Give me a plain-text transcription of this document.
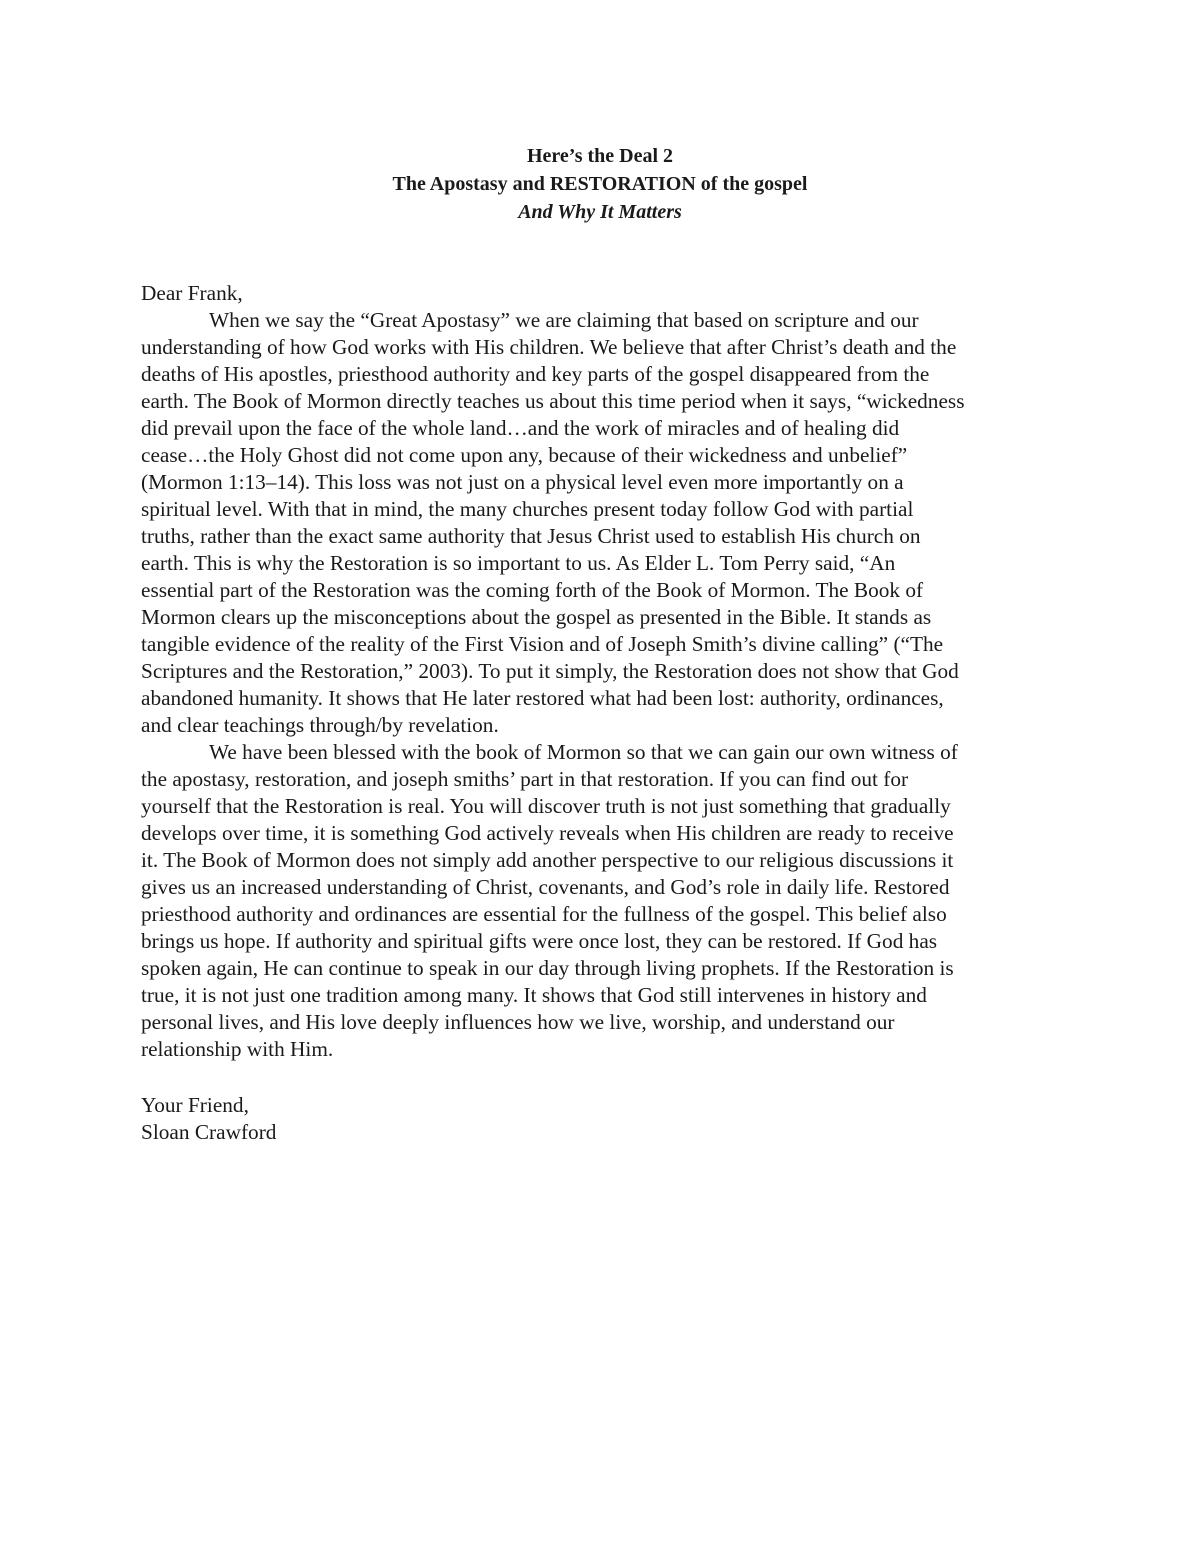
Here’s the Deal 2
The Apostasy and RESTORATION of the gospel
And Why It Matters

Dear Frank,

When we say the “Great Apostasy” we are claiming that based on scripture and our
understanding of how God works with His children. We believe that after Christ’s death and the
deaths of His apostles, priesthood authority and key parts of the gospel disappeared from the
earth. The Book of Mormon directly teaches us about this time period when it says, “wickedness
did prevail upon the face of the whole land…and the work of miracles and of healing did
cease…the Holy Ghost did not come upon any, because of their wickedness and unbelief”
(Mormon 1:13–14). This loss was not just on a physical level even more importantly on a
spiritual level. With that in mind, the many churches present today follow God with partial
truths, rather than the exact same authority that Jesus Christ used to establish His church on
earth. This is why the Restoration is so important to us. As Elder L. Tom Perry said, “An
essential part of the Restoration was the coming forth of the Book of Mormon. The Book of
Mormon clears up the misconceptions about the gospel as presented in the Bible. It stands as
tangible evidence of the reality of the First Vision and of Joseph Smith’s divine calling” (“The
Scriptures and the Restoration,” 2003). To put it simply, the Restoration does not show that God
abandoned humanity. It shows that He later restored what had been lost: authority, ordinances,
and clear teachings through/by revelation.

We have been blessed with the book of Mormon so that we can gain our own witness of
the apostasy, restoration, and joseph smiths’ part in that restoration. If you can find out for
yourself that the Restoration is real. You will discover truth is not just something that gradually
develops over time, it is something God actively reveals when His children are ready to receive
it. The Book of Mormon does not simply add another perspective to our religious discussions it
gives us an increased understanding of Christ, covenants, and God’s role in daily life. Restored
priesthood authority and ordinances are essential for the fullness of the gospel. This belief also
brings us hope. If authority and spiritual gifts were once lost, they can be restored. If God has
spoken again, He can continue to speak in our day through living prophets. If the Restoration is
true, it is not just one tradition among many. It shows that God still intervenes in history and
personal lives, and His love deeply influences how we live, worship, and understand our
relationship with Him.

Your Friend,
Sloan Crawford
